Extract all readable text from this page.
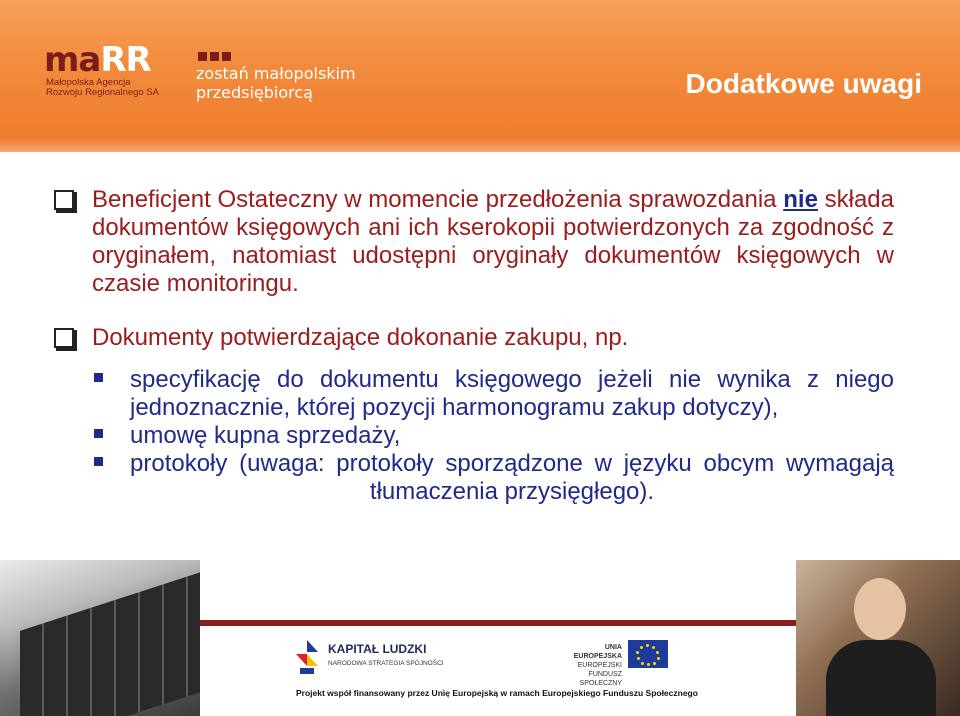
maRR
Małopolska Agencja
Rozwoju Regionalnego SA
zostań małopolskim
przedsiębiorcą	Dodatkowe uwagi
Beneficjent Ostateczny w momencie przedłożenia sprawozdania nie składa dokumentów księgowych ani ich kserokopii potwierdzonych za zgodność z oryginałem, natomiast udostępni oryginały dokumentów księgowych w czasie monitoringu.
Dokumenty potwierdzające dokonanie zakupu, np.
specyfikację do dokumentu księgowego jeżeli nie wynika z niego jednoznacznie, której pozycji harmonogramu zakup dotyczy),
umowę kupna sprzedaży,
protokoły (uwaga: protokoły sporządzone w języku obcym wymagają tłumaczenia przysięgłego).
KAPITAŁ LUDZKI
NARODOWA STRATEGIA SPÓJNOŚCI
UNIA EUROPEJSKA
EUROPEJSKI
FUNDUSZ SPOŁECZNY
Projekt współ finansowany przez Unię Europejską w ramach Europejskiego Funduszu Społecznego
